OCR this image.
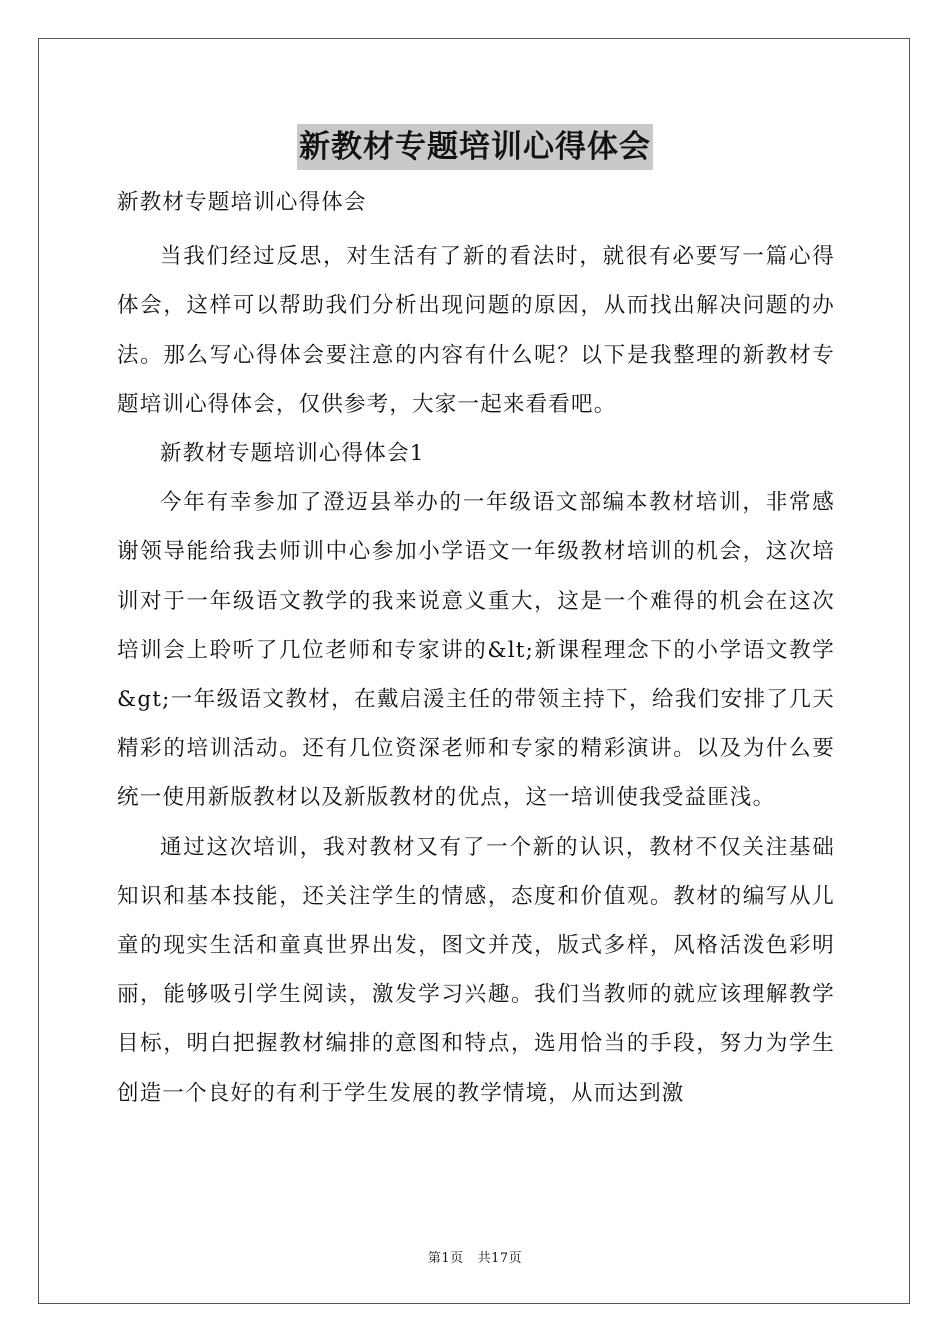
新教材专题培训心得体会

新教材专题培训心得体会

当我们经过反思，对生活有了新的看法时，就很有必要写一篇心得体会，这样可以帮助我们分析出现问题的原因，从而找出解决问题的办法。那么写心得体会要注意的内容有什么呢？以下是我整理的新教材专题培训心得体会，仅供参考，大家一起来看看吧。

新教材专题培训心得体会1

今年有幸参加了澄迈县举办的一年级语文部编本教材培训，非常感谢领导能给我去师训中心参加小学语文一年级教材培训的机会，这次培训对于一年级语文教学的我来说意义重大，这是一个难得的机会在这次培训会上聆听了几位老师和专家讲的&lt;新课程理念下的小学语文教学&gt;一年级语文教材，在戴启湲主任的带领主持下，给我们安排了几天精彩的培训活动。还有几位资深老师和专家的精彩演讲。以及为什么要统一使用新版教材以及新版教材的优点，这一培训使我受益匪浅。

通过这次培训，我对教材又有了一个新的认识，教材不仅关注基础知识和基本技能，还关注学生的情感，态度和价值观。教材的编写从儿童的现实生活和童真世界出发，图文并茂，版式多样，风格活泼色彩明丽，能够吸引学生阅读，激发学习兴趣。我们当教师的就应该理解教学目标，明白把握教材编排的意图和特点，选用恰当的手段，努力为学生创造一个良好的有利于学生发展的教学情境，从而达到激

第1页 共17页
